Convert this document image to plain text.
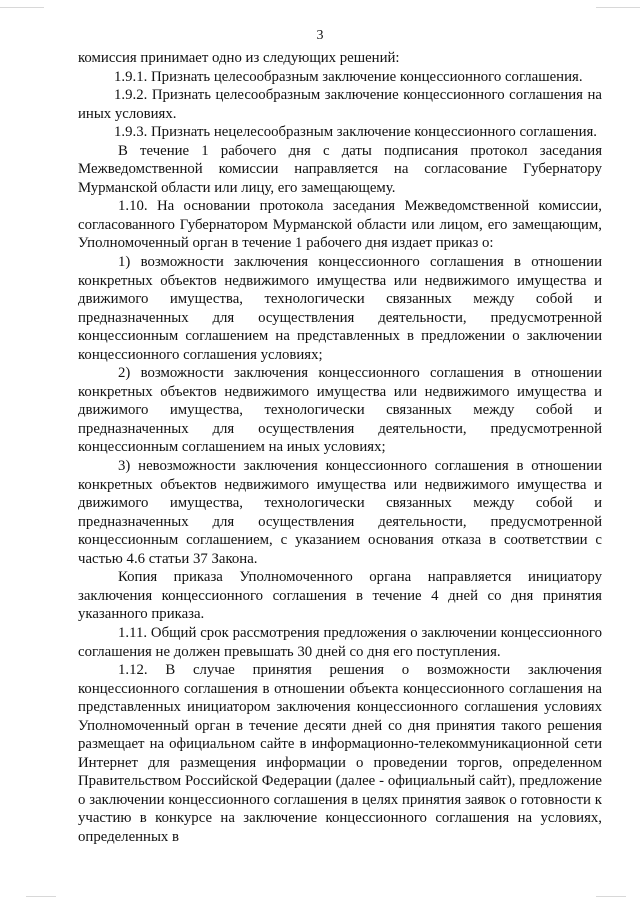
3

комиссия принимает одно из следующих решений:

1.9.1. Признать целесообразным заключение концессионного соглашения.

1.9.2. Признать целесообразным заключение концессионного соглашения на иных условиях.

1.9.3. Признать нецелесообразным заключение концессионного соглашения.

В течение 1 рабочего дня с даты подписания протокол заседания Межведомственной комиссии направляется на согласование Губернатору Мурманской области или лицу, его замещающему.

1.10. На основании протокола заседания Межведомственной комиссии, согласованного Губернатором Мурманской области или лицом, его замещающим, Уполномоченный орган в течение 1 рабочего дня издает приказ о:

1) возможности заключения концессионного соглашения в отношении конкретных объектов недвижимого имущества или недвижимого имущества и движимого имущества, технологически связанных между собой и предназначенных для осуществления деятельности, предусмотренной концессионным соглашением на представленных в предложении о заключении концессионного соглашения условиях;

2) возможности заключения концессионного соглашения в отношении конкретных объектов недвижимого имущества или недвижимого имущества и движимого имущества, технологически связанных между собой и предназначенных для осуществления деятельности, предусмотренной концессионным соглашением на иных условиях;

3) невозможности заключения концессионного соглашения в отношении конкретных объектов недвижимого имущества или недвижимого имущества и движимого имущества, технологически связанных между собой и предназначенных для осуществления деятельности, предусмотренной концессионным соглашением, с указанием основания отказа в соответствии с частью 4.6 статьи 37 Закона.

Копия приказа Уполномоченного органа направляется инициатору заключения концессионного соглашения в течение 4 дней со дня принятия указанного приказа.

1.11. Общий срок рассмотрения предложения о заключении концессионного соглашения не должен превышать 30 дней со дня его поступления.

1.12. В случае принятия решения о возможности заключения концессионного соглашения в отношении объекта концессионного соглашения на представленных инициатором заключения концессионного соглашения условиях Уполномоченный орган в течение десяти дней со дня принятия такого решения размещает на официальном сайте в информационно-телекоммуникационной сети Интернет для размещения информации о проведении торгов, определенном Правительством Российской Федерации (далее - официальный сайт), предложение о заключении концессионного соглашения в целях принятия заявок о готовности к участию в конкурсе на заключение концессионного соглашения на условиях, определенных в
